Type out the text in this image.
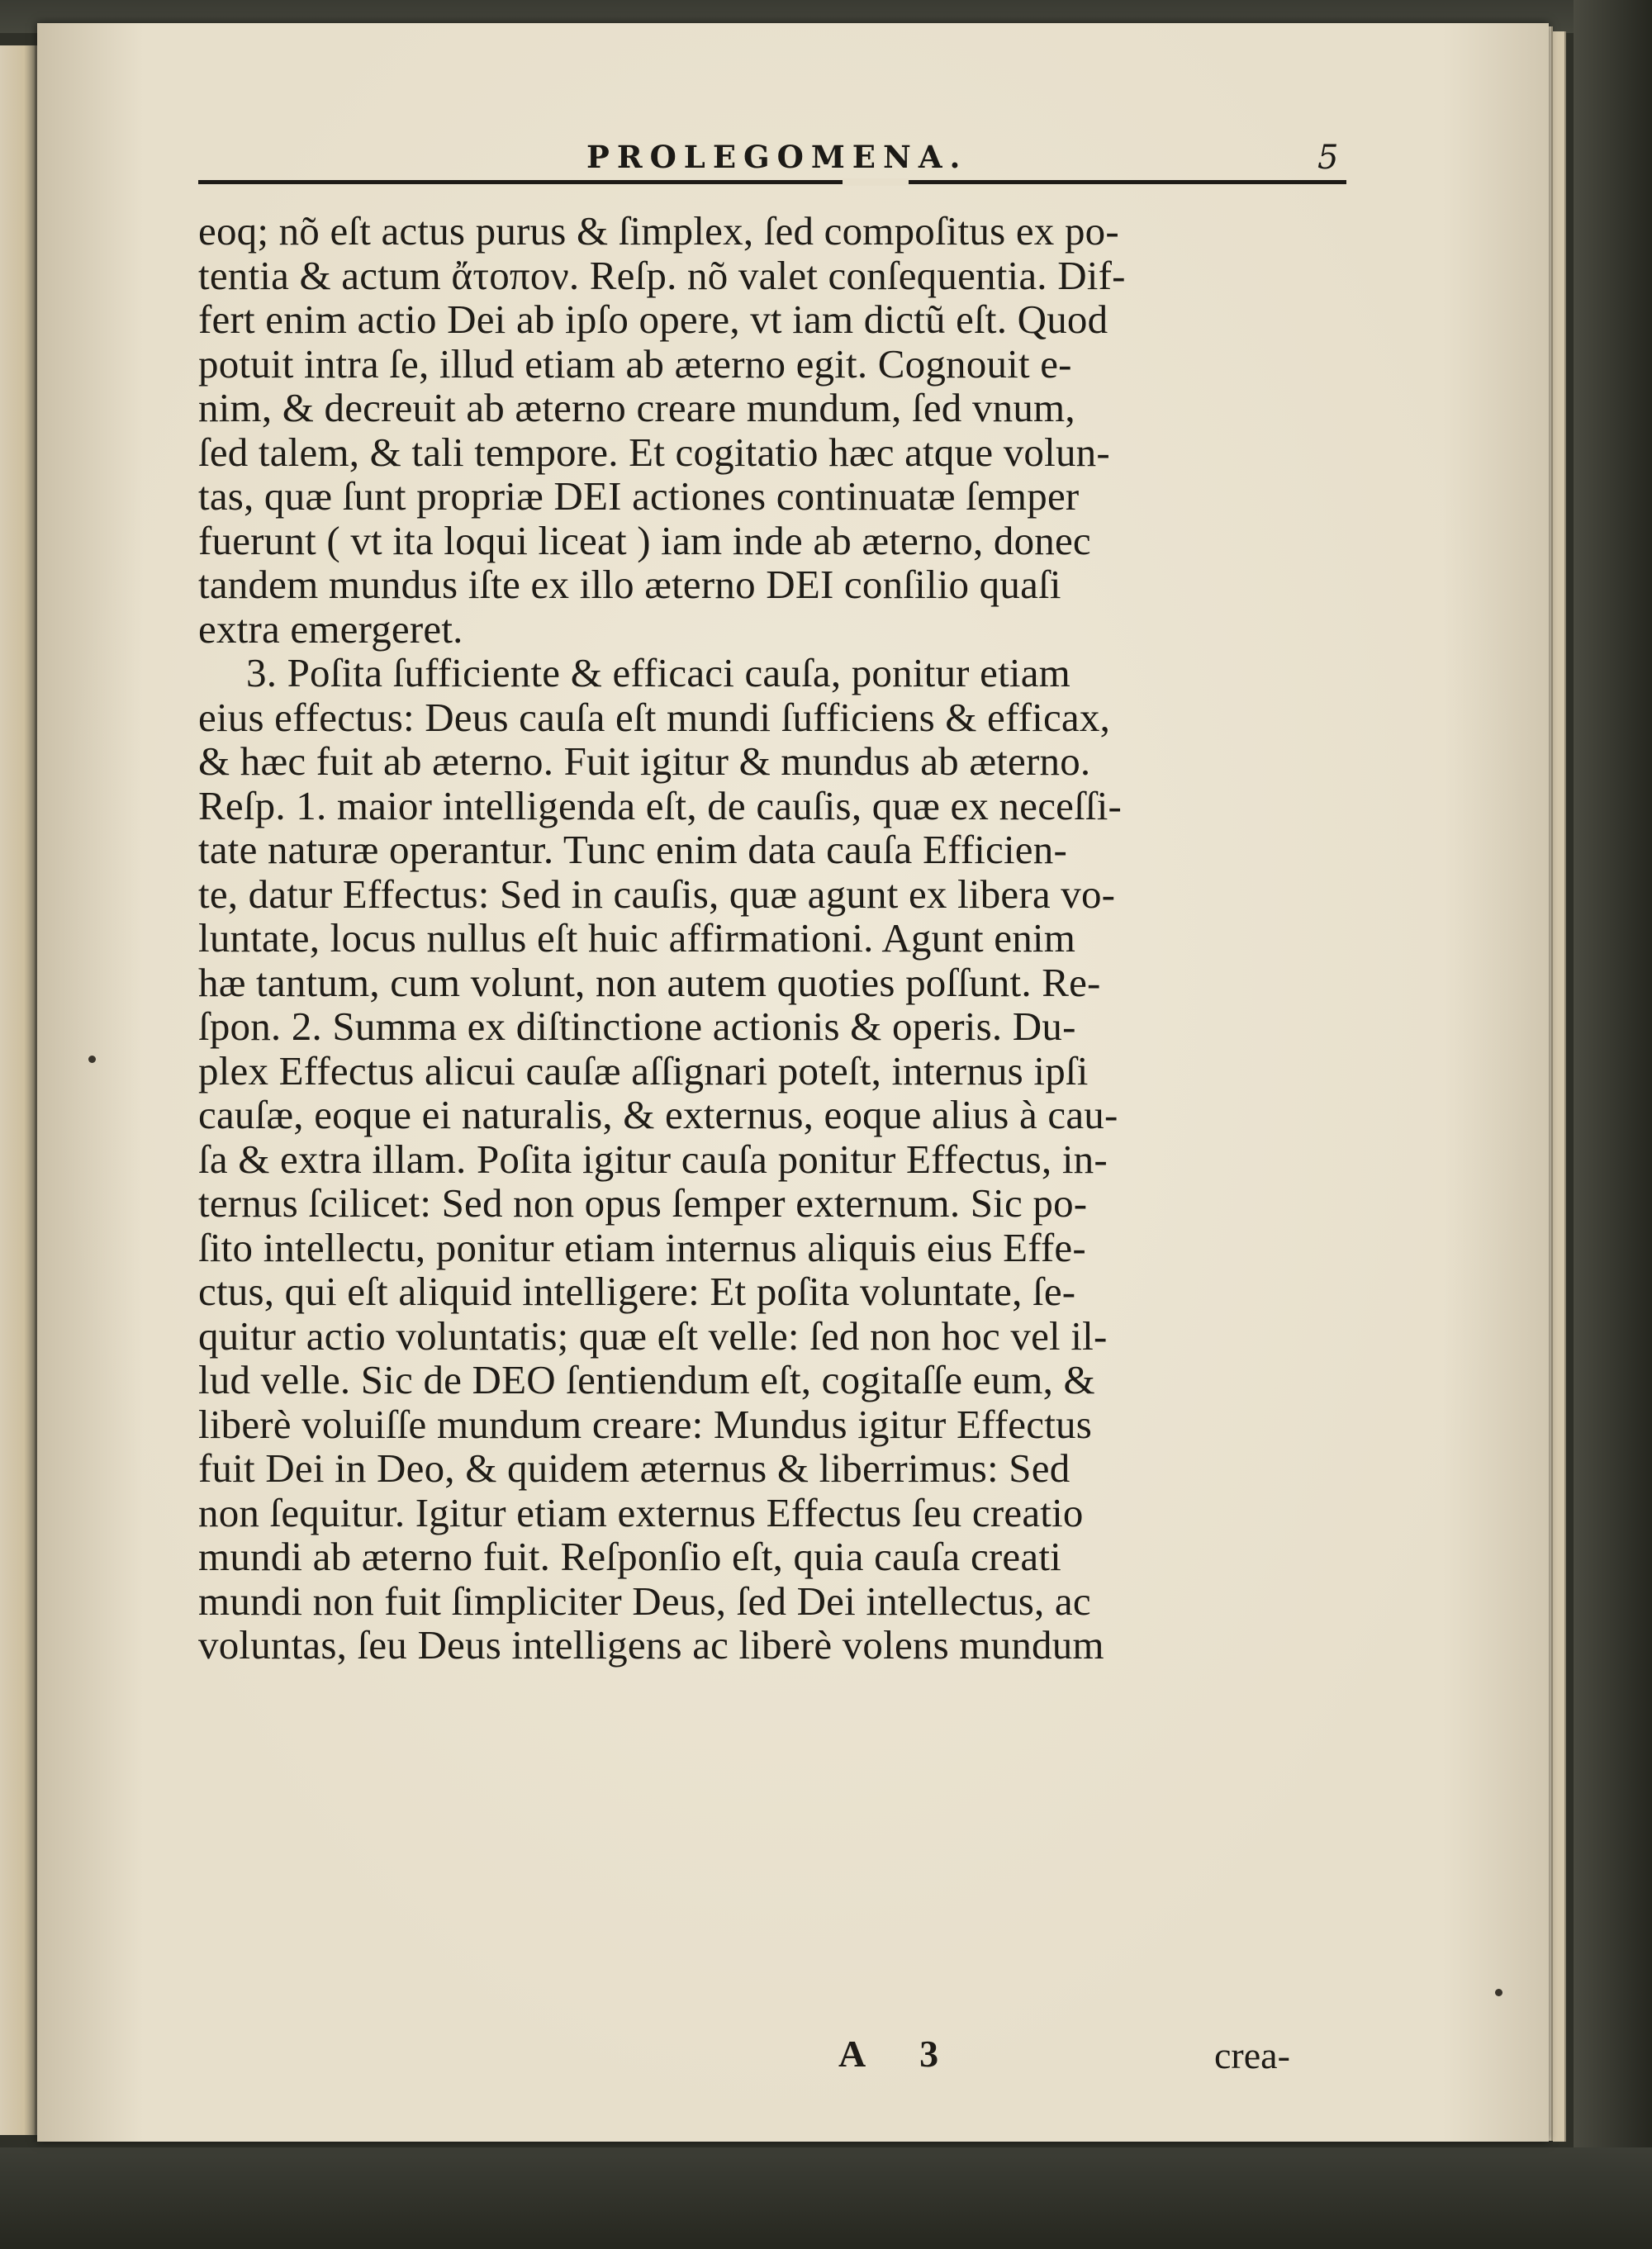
PROLEGOMENA.	5
eoq; nõ eſt actus purus & ſimplex, ſed compoſitus ex po-
tentia & actum ἄτοπον. Reſp. nõ valet conſequentia. Dif-
fert enim actio Dei ab ipſo opere, vt iam dictũ eſt. Quod
potuit intra ſe, illud etiam ab æterno egit. Cognouit e-
nim, & decreuit ab æterno creare mundum, ſed vnum,
ſed talem, & tali tempore. Et cogitatio hæc atque volun-
tas, quæ ſunt propriæ DEI actiones continuatæ ſemper
fuerunt ( vt ita loqui liceat ) iam inde ab æterno, donec
tandem mundus iſte ex illo æterno DEI conſilio quaſi
extra emergeret.
3. Poſita ſufficiente & efficaci cauſa, ponitur etiam
eius effectus: Deus cauſa eſt mundi ſufficiens & efficax,
& hæc fuit ab æterno. Fuit igitur & mundus ab æterno.
Reſp. 1. maior intelligenda eſt, de cauſis, quæ ex neceſſi-
tate naturæ operantur. Tunc enim data cauſa Efficien-
te, datur Effectus: Sed in cauſis, quæ agunt ex libera vo-
luntate, locus nullus eſt huic affirmationi. Agunt enim
hæ tantum, cum volunt, non autem quoties poſſunt. Re-
ſpon. 2. Summa ex diſtinctione actionis & operis. Du-
plex Effectus alicui cauſæ aſſignari poteſt, internus ipſi
cauſæ, eoque ei naturalis, & externus, eoque alius à cau-
ſa & extra illam. Poſita igitur cauſa ponitur Effectus, in-
ternus ſcilicet: Sed non opus ſemper externum. Sic po-
ſito intellectu, ponitur etiam internus aliquis eius Effe-
ctus, qui eſt aliquid intelligere: Et poſita voluntate, ſe-
quitur actio voluntatis; quæ eſt velle: ſed non hoc vel il-
lud velle. Sic de DEO ſentiendum eſt, cogitaſſe eum, &
liberè voluiſſe mundum creare: Mundus igitur Effectus
fuit Dei in Deo, & quidem æternus & liberrimus: Sed
non ſequitur. Igitur etiam externus Effectus ſeu creatio
mundi ab æterno fuit. Reſponſio eſt, quia cauſa creati
mundi non fuit ſimpliciter Deus, ſed Dei intellectus, ac
voluntas, ſeu Deus intelligens ac liberè volens mundum
A 3	crea-
